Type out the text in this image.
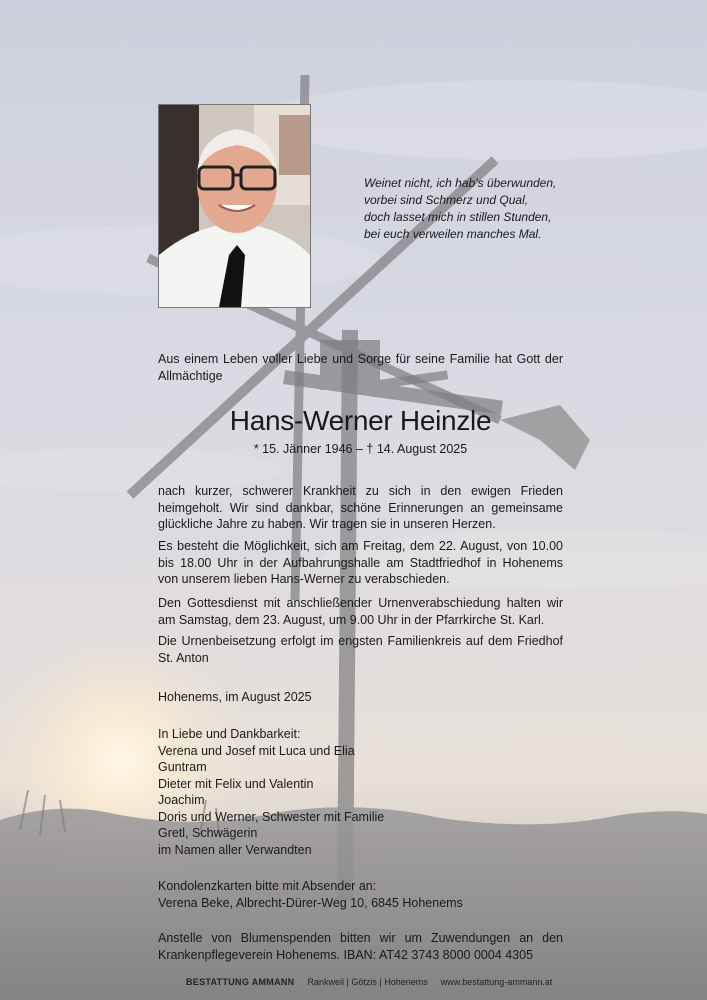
Weinet nicht, ich hab’s überwunden,
vorbei sind Schmerz und Qual,
doch lasset mich in stillen Stunden,
bei euch verweilen manches Mal.
Aus einem Leben voller Liebe und Sorge für seine Familie hat Gott der Allmächtige
Hans-Werner Heinzle
* 15. Jänner 1946 – † 14. August 2025
nach kurzer, schwerer Krankheit zu sich in den ewigen Frieden heimgeholt. Wir sind dankbar, schöne Erinnerungen an gemeinsame glückliche Jahre zu haben. Wir tragen sie in unseren Herzen.
Es besteht die Möglichkeit, sich am Freitag, dem 22. August, von 10.00 bis 18.00 Uhr in der Aufbahrungshalle am Stadtfriedhof in Hohenems von unserem lieben Hans-Werner zu verabschieden.
Den Gottesdienst mit anschließender Urnenverabschiedung halten wir am Samstag, dem 23. August, um 9.00 Uhr in der Pfarrkirche St. Karl.
Die Urnenbeisetzung erfolgt im engsten Familienkreis auf dem Friedhof St. Anton
Hohenems, im August 2025
In Liebe und Dankbarkeit:
Verena und Josef mit Luca und Elia
Guntram
Dieter mit Felix und Valentin
Joachim
Doris und Werner, Schwester mit Familie
Gretl, Schwägerin
im Namen aller Verwandten
Kondolenzkarten bitte mit Absender an:
Verena Beke, Albrecht-Dürer-Weg 10, 6845 Hohenems
Anstelle von Blumenspenden bitten wir um Zuwendungen an den Krankenpflegeverein Hohenems. IBAN: AT42 3743 8000 0004 4305
BESTATTUNG AMMANN Rankweil | Götzis | Hohenems www.bestattung-ammann.at
